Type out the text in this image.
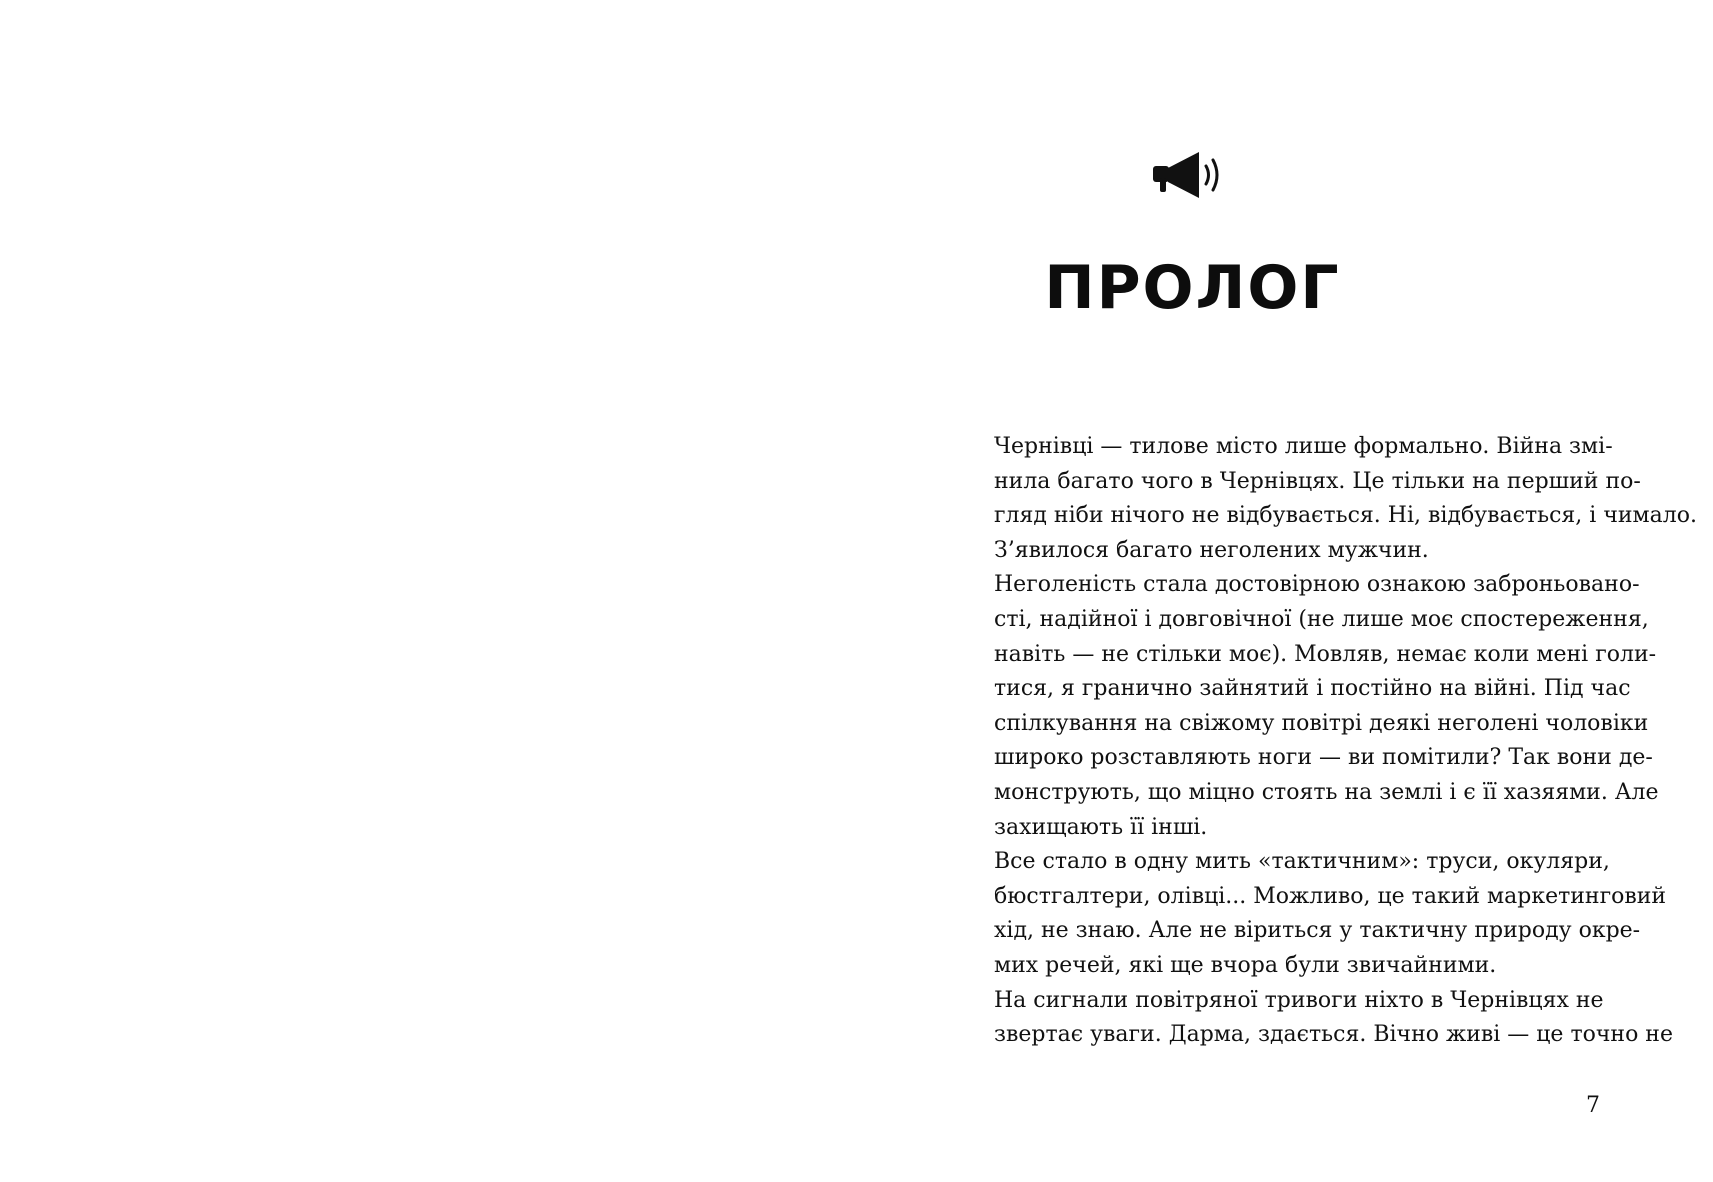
ПРОЛОГ

Чернівці — тилове місто лише формально. Війна змі-
нила багато чого в Чернівцях. Це тільки на перший по-
гляд ніби нічого не відбувається. Ні, відбувається, і чимало.

З’явилося багато неголених мужчин.

Неголеність стала достовірною ознакою заброньовано-
сті, надійної і довговічної (не лише моє спостереження,
навіть — не стільки моє). Мовляв, немає коли мені голи-
тися, я гранично зайнятий і постійно на війні. Під час
спілкування на свіжому повітрі деякі неголені чоловіки
широко розставляють ноги — ви помітили? Так вони де-
монструють, що міцно стоять на землі і є її хазяями. Але
захищають її інші.

Все стало в одну мить «тактичним»: труси, окуляри,
бюстгалтери, олівці... Можливо, це такий маркетинговий
хід, не знаю. Але не віриться у тактичну природу окре-
мих речей, які ще вчора були звичайними.

На сигнали повітряної тривоги ніхто в Чернівцях не
звертає уваги. Дарма, здається. Вічно живі — це точно не

7
